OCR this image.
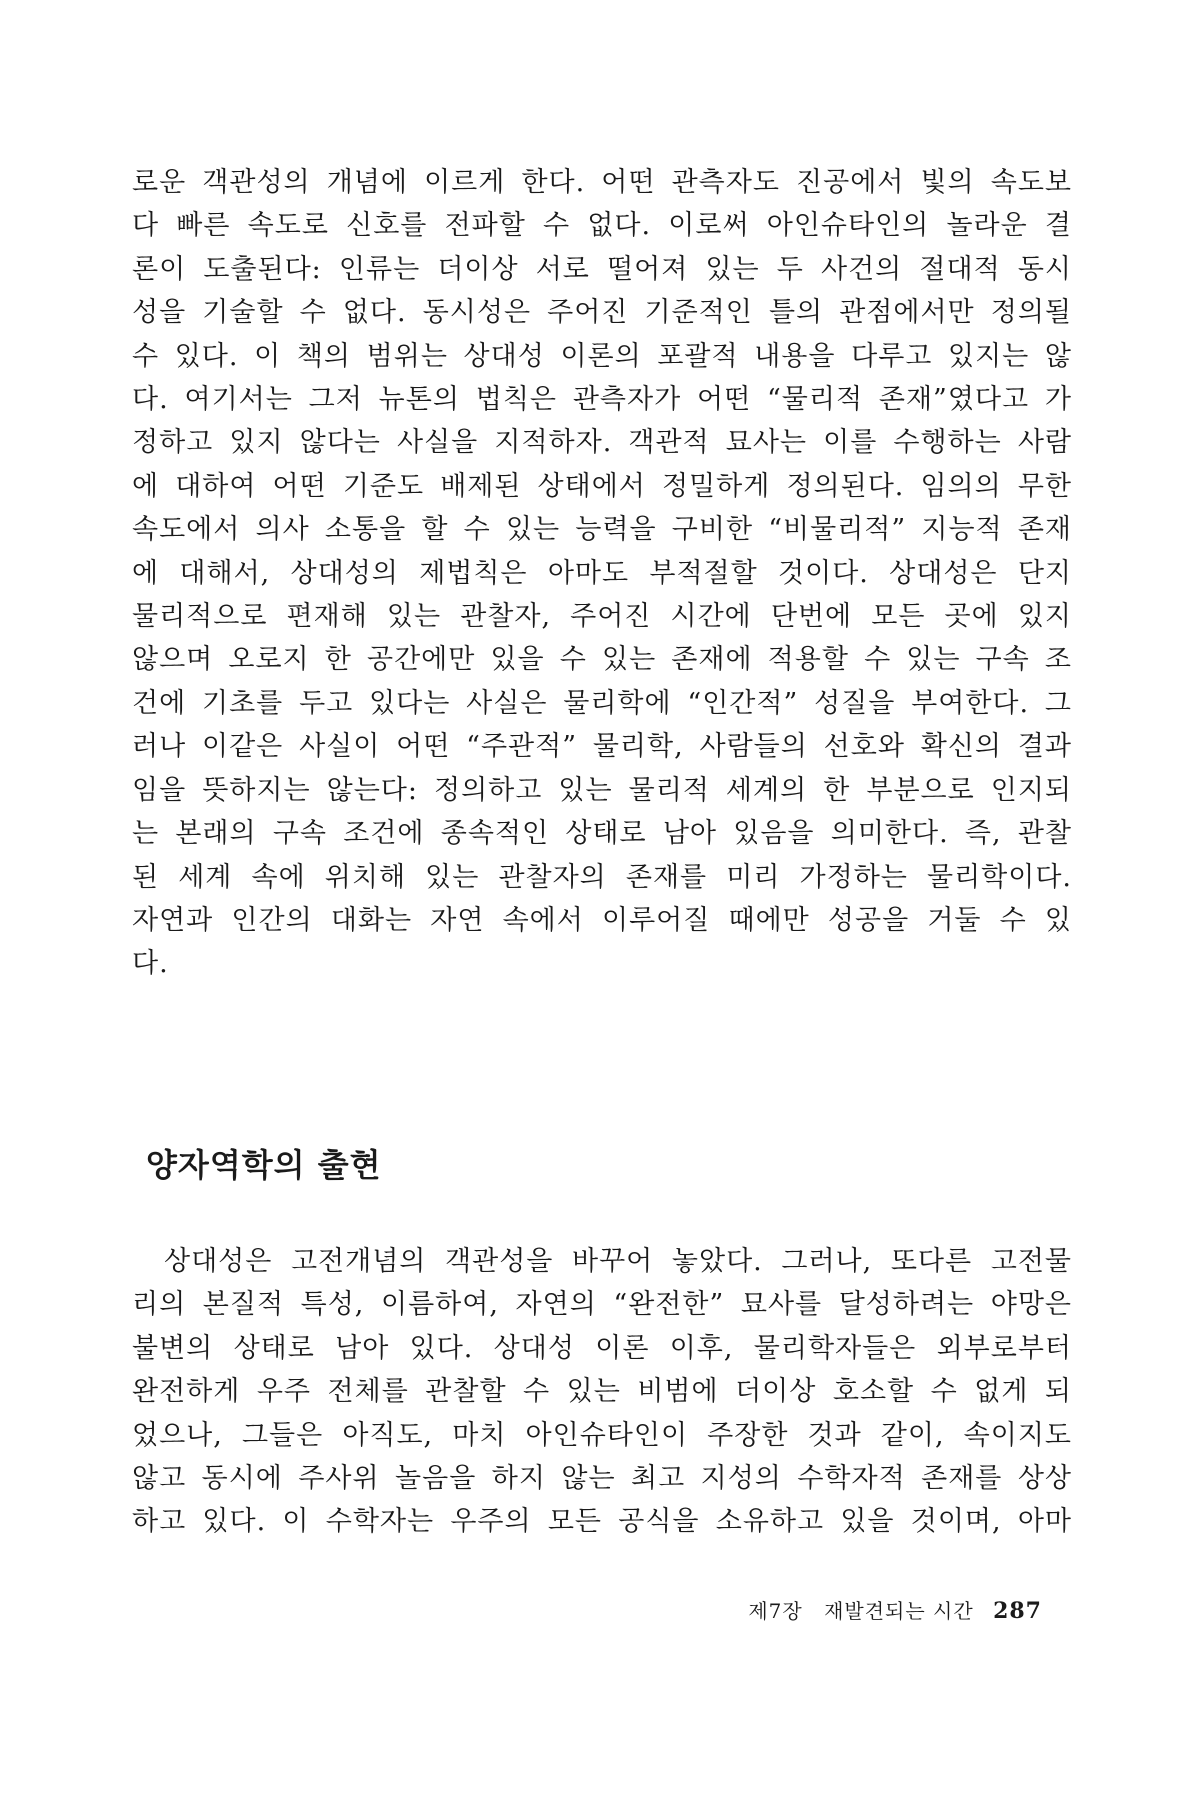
로운 객관성의 개념에 이르게 한다. 어떤 관측자도 진공에서 빛의 속도보
다 빠른 속도로 신호를 전파할 수 없다. 이로써 아인슈타인의 놀라운 결
론이 도출된다: 인류는 더이상 서로 떨어져 있는 두 사건의 절대적 동시
성을 기술할 수 없다. 동시성은 주어진 기준적인 틀의 관점에서만 정의될
수 있다. 이 책의 범위는 상대성 이론의 포괄적 내용을 다루고 있지는 않
다. 여기서는 그저 뉴톤의 법칙은 관측자가 어떤 “물리적 존재”였다고 가
정하고 있지 않다는 사실을 지적하자. 객관적 묘사는 이를 수행하는 사람
에 대하여 어떤 기준도 배제된 상태에서 정밀하게 정의된다. 임의의 무한
속도에서 의사 소통을 할 수 있는 능력을 구비한 “비물리적” 지능적 존재
에 대해서, 상대성의 제법칙은 아마도 부적절할 것이다. 상대성은 단지
물리적으로 편재해 있는 관찰자, 주어진 시간에 단번에 모든 곳에 있지
않으며 오로지 한 공간에만 있을 수 있는 존재에 적용할 수 있는 구속 조
건에 기초를 두고 있다는 사실은 물리학에 “인간적” 성질을 부여한다. 그
러나 이같은 사실이 어떤 “주관적” 물리학, 사람들의 선호와 확신의 결과
임을 뜻하지는 않는다: 정의하고 있는 물리적 세계의 한 부분으로 인지되
는 본래의 구속 조건에 종속적인 상태로 남아 있음을 의미한다. 즉, 관찰
된 세계 속에 위치해 있는 관찰자의 존재를 미리 가정하는 물리학이다.
자연과 인간의 대화는 자연 속에서 이루어질 때에만 성공을 거둘 수 있
다.
양자역학의 출현
상대성은 고전개념의 객관성을 바꾸어 놓았다. 그러나, 또다른 고전물
리의 본질적 특성, 이름하여, 자연의 “완전한” 묘사를 달성하려는 야망은
불변의 상태로 남아 있다. 상대성 이론 이후, 물리학자들은 외부로부터
완전하게 우주 전체를 관찰할 수 있는 비범에 더이상 호소할 수 없게 되
었으나, 그들은 아직도, 마치 아인슈타인이 주장한 것과 같이, 속이지도
않고 동시에 주사위 놀음을 하지 않는 최고 지성의 수학자적 존재를 상상
하고 있다. 이 수학자는 우주의 모든 공식을 소유하고 있을 것이며, 아마
제7장 재발견되는 시간 287
